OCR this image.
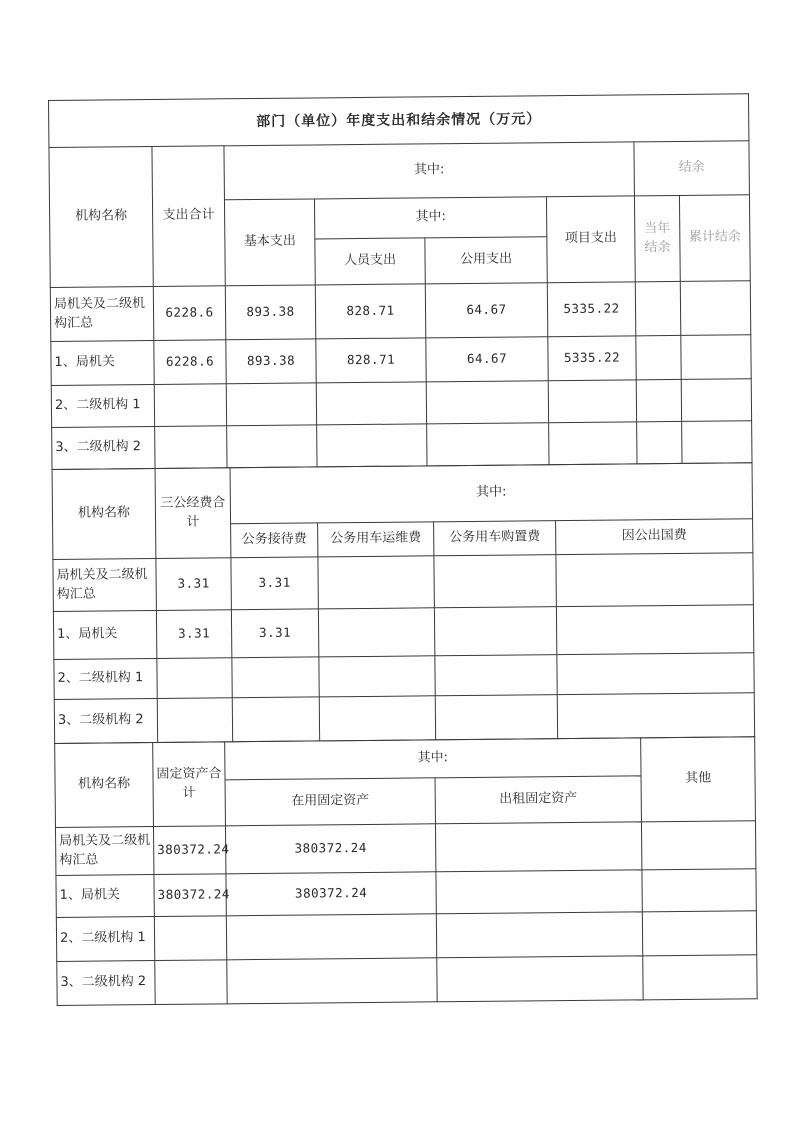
部门（单位）年度支出和结余情况（万元）							
机构名称	支出合计	其中:				结余	
		基本支出	其中:		项目支出	当年结余	累计结余
			人员支出	公用支出			
局机关及二级机构汇总	6228.6	893.38	828.71	64.67	5335.22		
1、局机关	6228.6	893.38	828.71	64.67	5335.22		
2、二级机构 1							
3、二级机构 2							
机构名称	三公经费合计	其中:			
		公务接待费	公务用车运维费	公务用车购置费	因公出国费
局机关及二级机构汇总	3.31	3.31			
1、局机关	3.31	3.31			
2、二级机构 1					
3、二级机构 2					
机构名称	固定资产合计	其中:		其他
		在用固定资产	出租固定资产	
局机关及二级机构汇总	380372.24	380372.24		
1、局机关	380372.24	380372.24		
2、二级机构 1				
3、二级机构 2				
